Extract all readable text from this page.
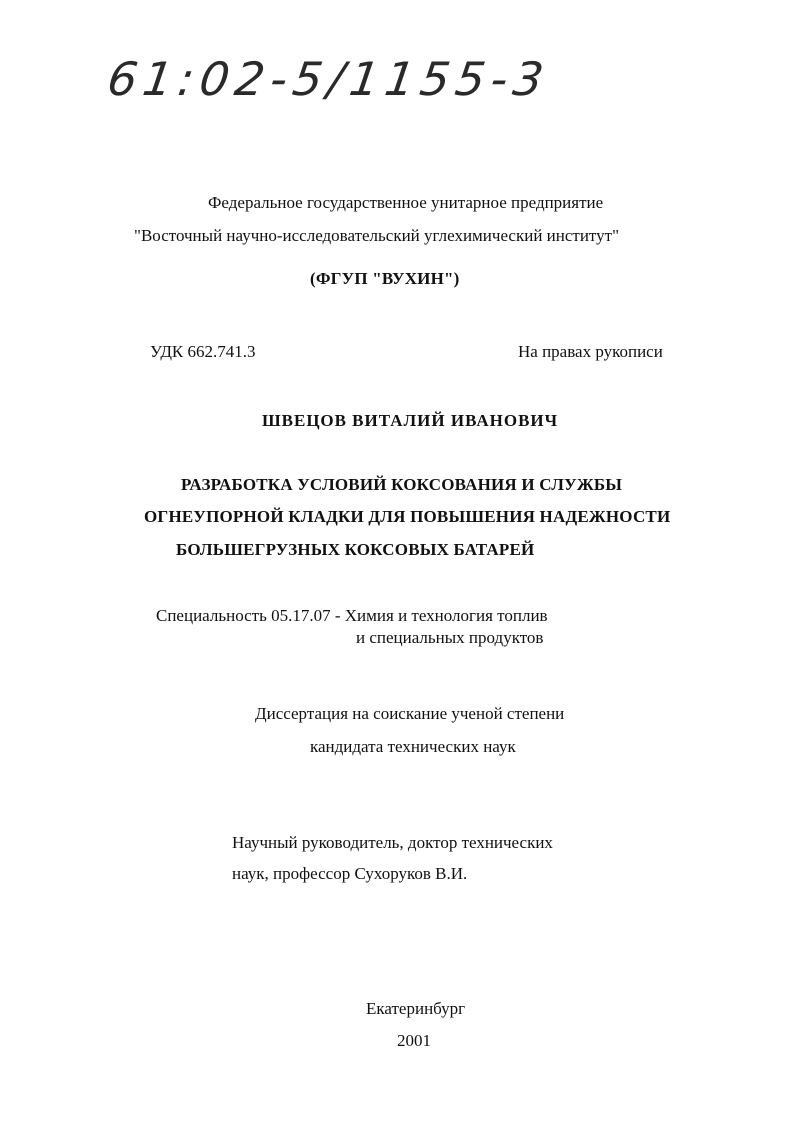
61:02-5/1155-3
Федеральное государственное унитарное предприятие
"Восточный научно-исследовательский углехимический институт"
(ФГУП "ВУХИН")
УДК 662.741.3	На правах рукописи
ШВЕЦОВ ВИТАЛИЙ ИВАНОВИЧ
РАЗРАБОТКА УСЛОВИЙ КОКСОВАНИЯ И СЛУЖБЫ
ОГНЕУПОРНОЙ КЛАДКИ ДЛЯ ПОВЫШЕНИЯ НАДЕЖНОСТИ
БОЛЬШЕГРУЗНЫХ КОКСОВЫХ БАТАРЕЙ
Специальность 05.17.07 - Химия и технология топлив
и специальных продуктов
Диссертация на соискание ученой степени
кандидата технических наук
Научный руководитель, доктор технических
наук, профессор Сухоруков В.И.
Екатеринбург
2001
